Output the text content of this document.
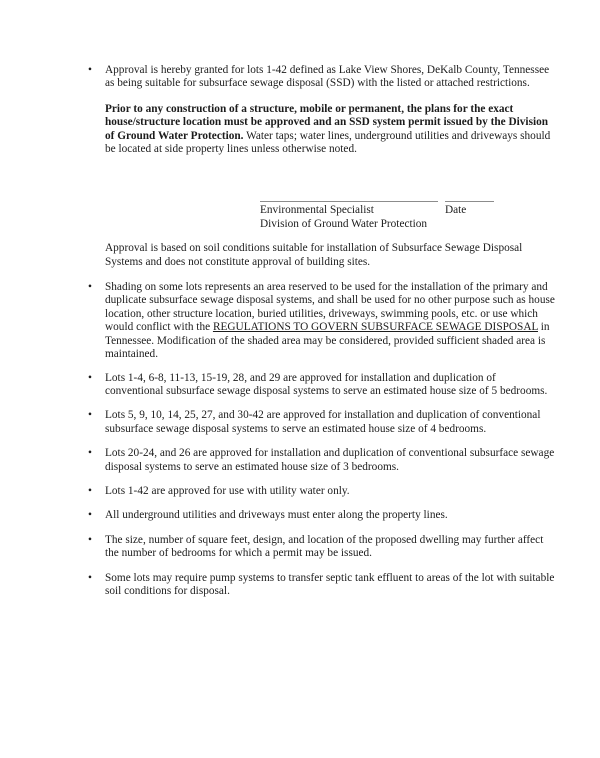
• Approval is hereby granted for lots 1-42 defined as Lake View Shores, DeKalb County, Tennessee as being suitable for subsurface sewage disposal (SSD) with the listed or attached restrictions.
Prior to any construction of a structure, mobile or permanent, the plans for the exact house/structure location must be approved and an SSD system permit issued by the Division of Ground Water Protection. Water taps; water lines, underground utilities and driveways should be located at side property lines unless otherwise noted.
Environmental Specialist
Division of Ground Water Protection
Date
Approval is based on soil conditions suitable for installation of Subsurface Sewage Disposal Systems and does not constitute approval of building sites.
• Shading on some lots represents an area reserved to be used for the installation of the primary and duplicate subsurface sewage disposal systems, and shall be used for no other purpose such as house location, other structure location, buried utilities, driveways, swimming pools, etc. or use which would conflict with the REGULATIONS TO GOVERN SUBSURFACE SEWAGE DISPOSAL in Tennessee. Modification of the shaded area may be considered, provided sufficient shaded area is maintained.
• Lots 1-4, 6-8, 11-13, 15-19, 28, and 29 are approved for installation and duplication of conventional subsurface sewage disposal systems to serve an estimated house size of 5 bedrooms.
• Lots 5, 9, 10, 14, 25, 27, and 30-42 are approved for installation and duplication of conventional subsurface sewage disposal systems to serve an estimated house size of 4 bedrooms.
• Lots 20-24, and 26 are approved for installation and duplication of conventional subsurface sewage disposal systems to serve an estimated house size of 3 bedrooms.
• Lots 1-42 are approved for use with utility water only.
• All underground utilities and driveways must enter along the property lines.
• The size, number of square feet, design, and location of the proposed dwelling may further affect the number of bedrooms for which a permit may be issued.
• Some lots may require pump systems to transfer septic tank effluent to areas of the lot with suitable soil conditions for disposal.
